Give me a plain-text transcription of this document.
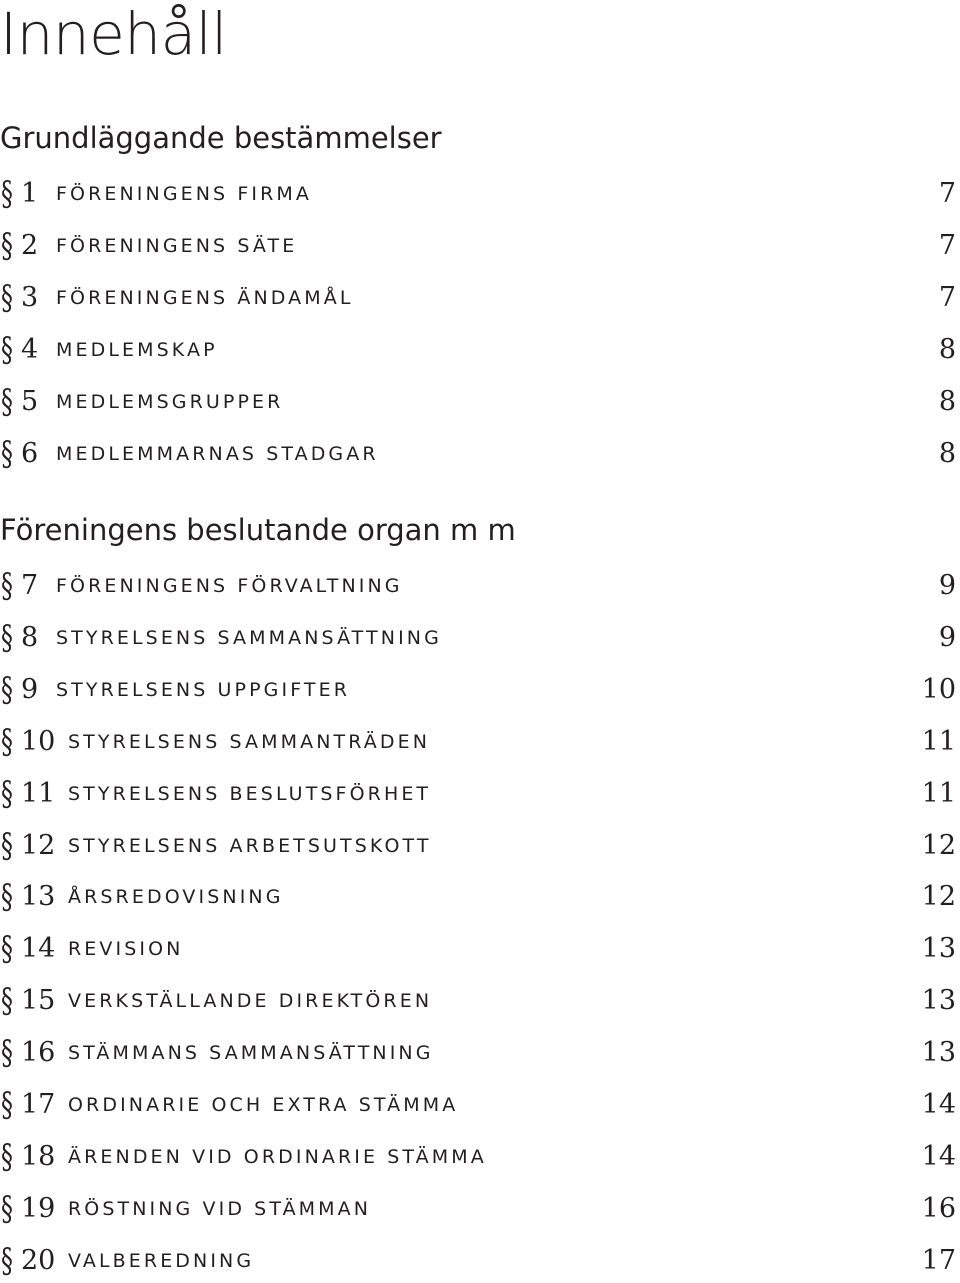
Innehåll
Grundläggande bestämmelser
§ 1 FÖRENINGENS FIRMA	7
§ 2 FÖRENINGENS SÄTE	7
§ 3 FÖRENINGENS ÄNDAMÅL	7
§ 4 MEDLEMSKAP	8
§ 5 MEDLEMSGRUPPER	8
§ 6 MEDLEMMARNAS STADGAR	8
Föreningens beslutande organ m m
§ 7 FÖRENINGENS FÖRVALTNING	9
§ 8 STYRELSENS SAMMANSÄTTNING	9
§ 9 STYRELSENS UPPGIFTER	10
§ 10 STYRELSENS SAMMANTRÄDEN	11
§ 11 STYRELSENS BESLUTSFÖRHET	11
§ 12 STYRELSENS ARBETSUTSKOTT	12
§ 13 ÅRSREDOVISNING	12
§ 14 REVISION	13
§ 15 VERKSTÄLLANDE DIREKTÖREN	13
§ 16 STÄMMANS SAMMANSÄTTNING	13
§ 17 ORDINARIE OCH EXTRA STÄMMA	14
§ 18 ÄRENDEN VID ORDINARIE STÄMMA	14
§ 19 RÖSTNING VID STÄMMAN	16
§ 20 VALBEREDNING	17
